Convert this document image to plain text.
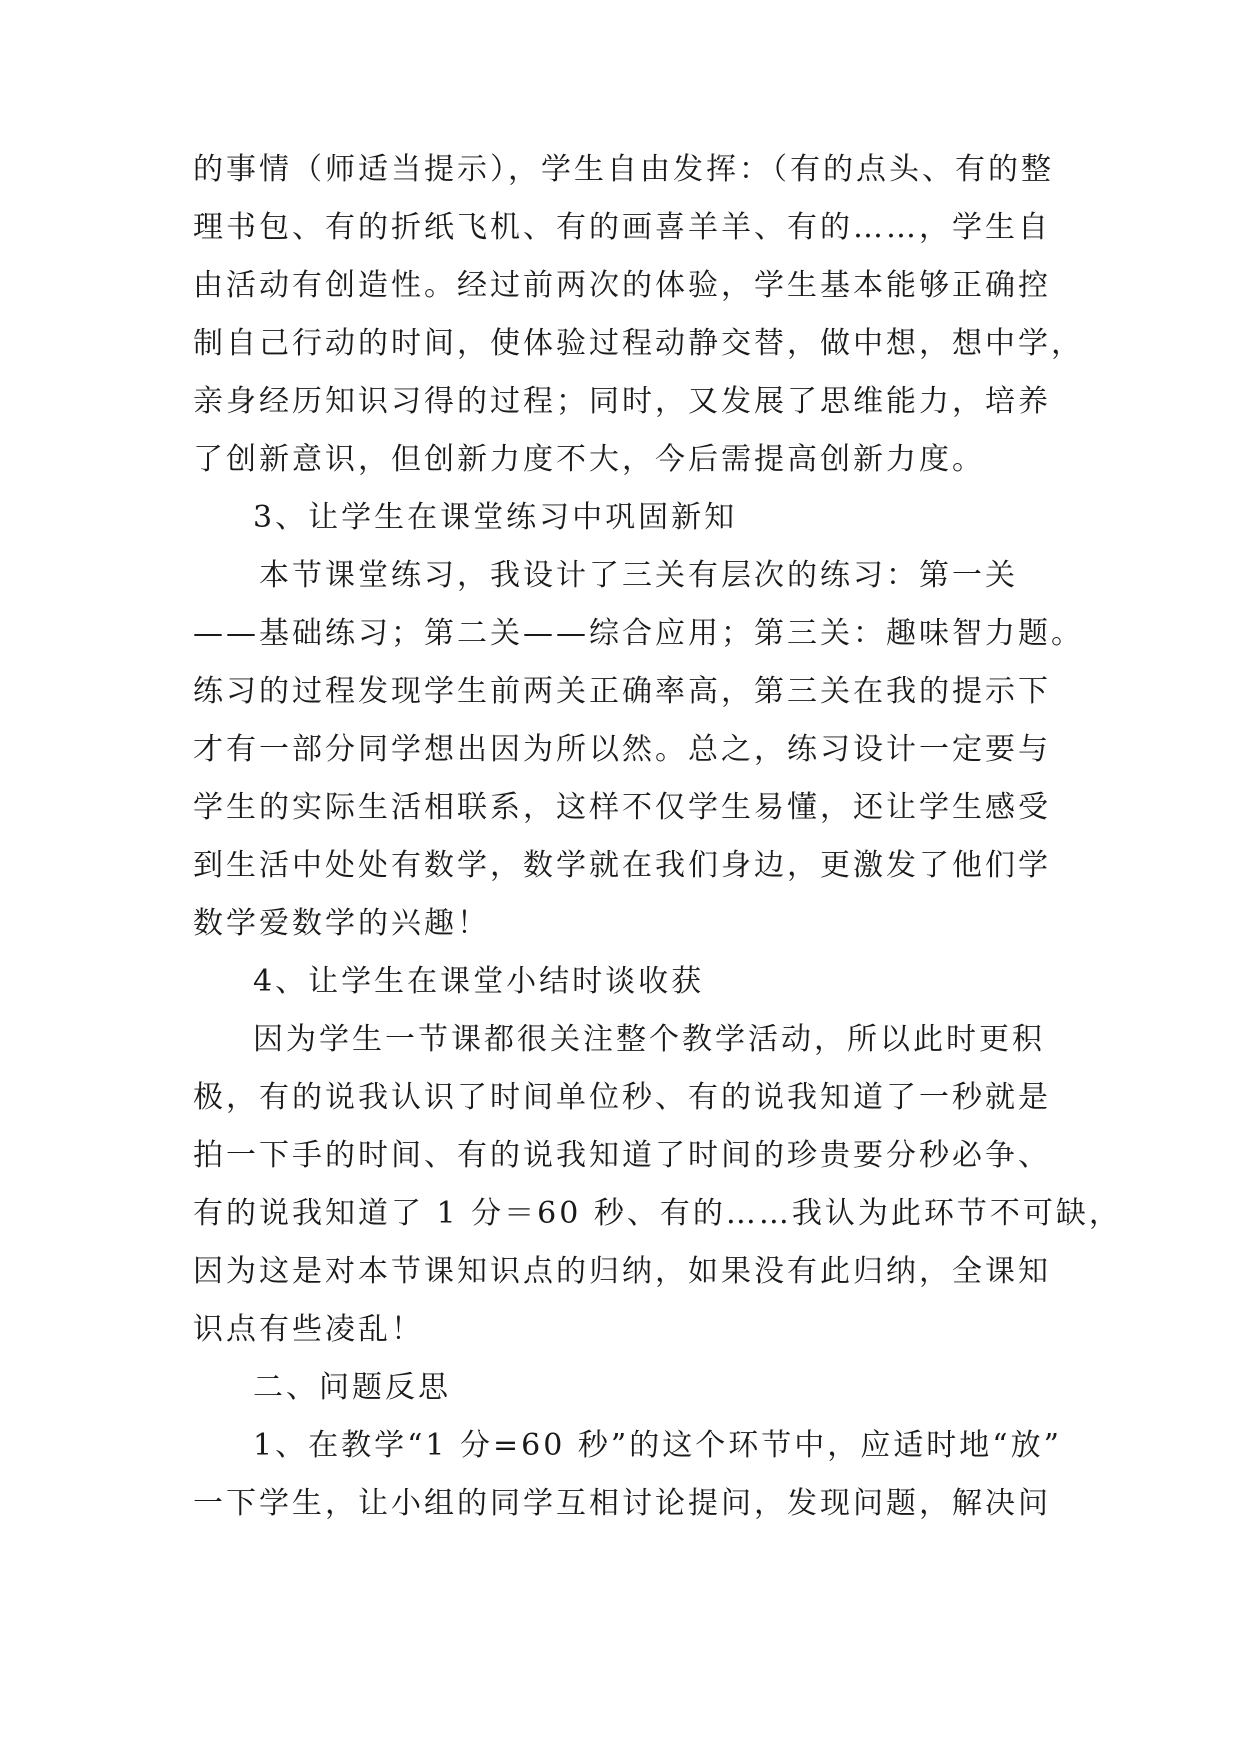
的事情（师适当提示），学生自由发挥：（有的点头、有的整
理书包、有的折纸飞机、有的画喜羊羊、有的……，学生自
由活动有创造性。经过前两次的体验，学生基本能够正确控
制自己行动的时间，使体验过程动静交替，做中想，想中学，
亲身经历知识习得的过程；同时，又发展了思维能力，培养
了创新意识，但创新力度不大，今后需提高创新力度。
3、让学生在课堂练习中巩固新知
本节课堂练习，我设计了三关有层次的练习：第一关
——基础练习；第二关——综合应用；第三关：趣味智力题。
练习的过程发现学生前两关正确率高，第三关在我的提示下
才有一部分同学想出因为所以然。总之，练习设计一定要与
学生的实际生活相联系，这样不仅学生易懂，还让学生感受
到生活中处处有数学，数学就在我们身边，更激发了他们学
数学爱数学的兴趣！
4、让学生在课堂小结时谈收获
因为学生一节课都很关注整个教学活动，所以此时更积
极，有的说我认识了时间单位秒、有的说我知道了一秒就是
拍一下手的时间、有的说我知道了时间的珍贵要分秒必争、
有的说我知道了 1 分＝60 秒、有的……我认为此环节不可缺，
因为这是对本节课知识点的归纳，如果没有此归纳，全课知
识点有些凌乱！
二、问题反思
1、在教学“1 分=60 秒”的这个环节中，应适时地“放”
一下学生，让小组的同学互相讨论提问，发现问题，解决问
